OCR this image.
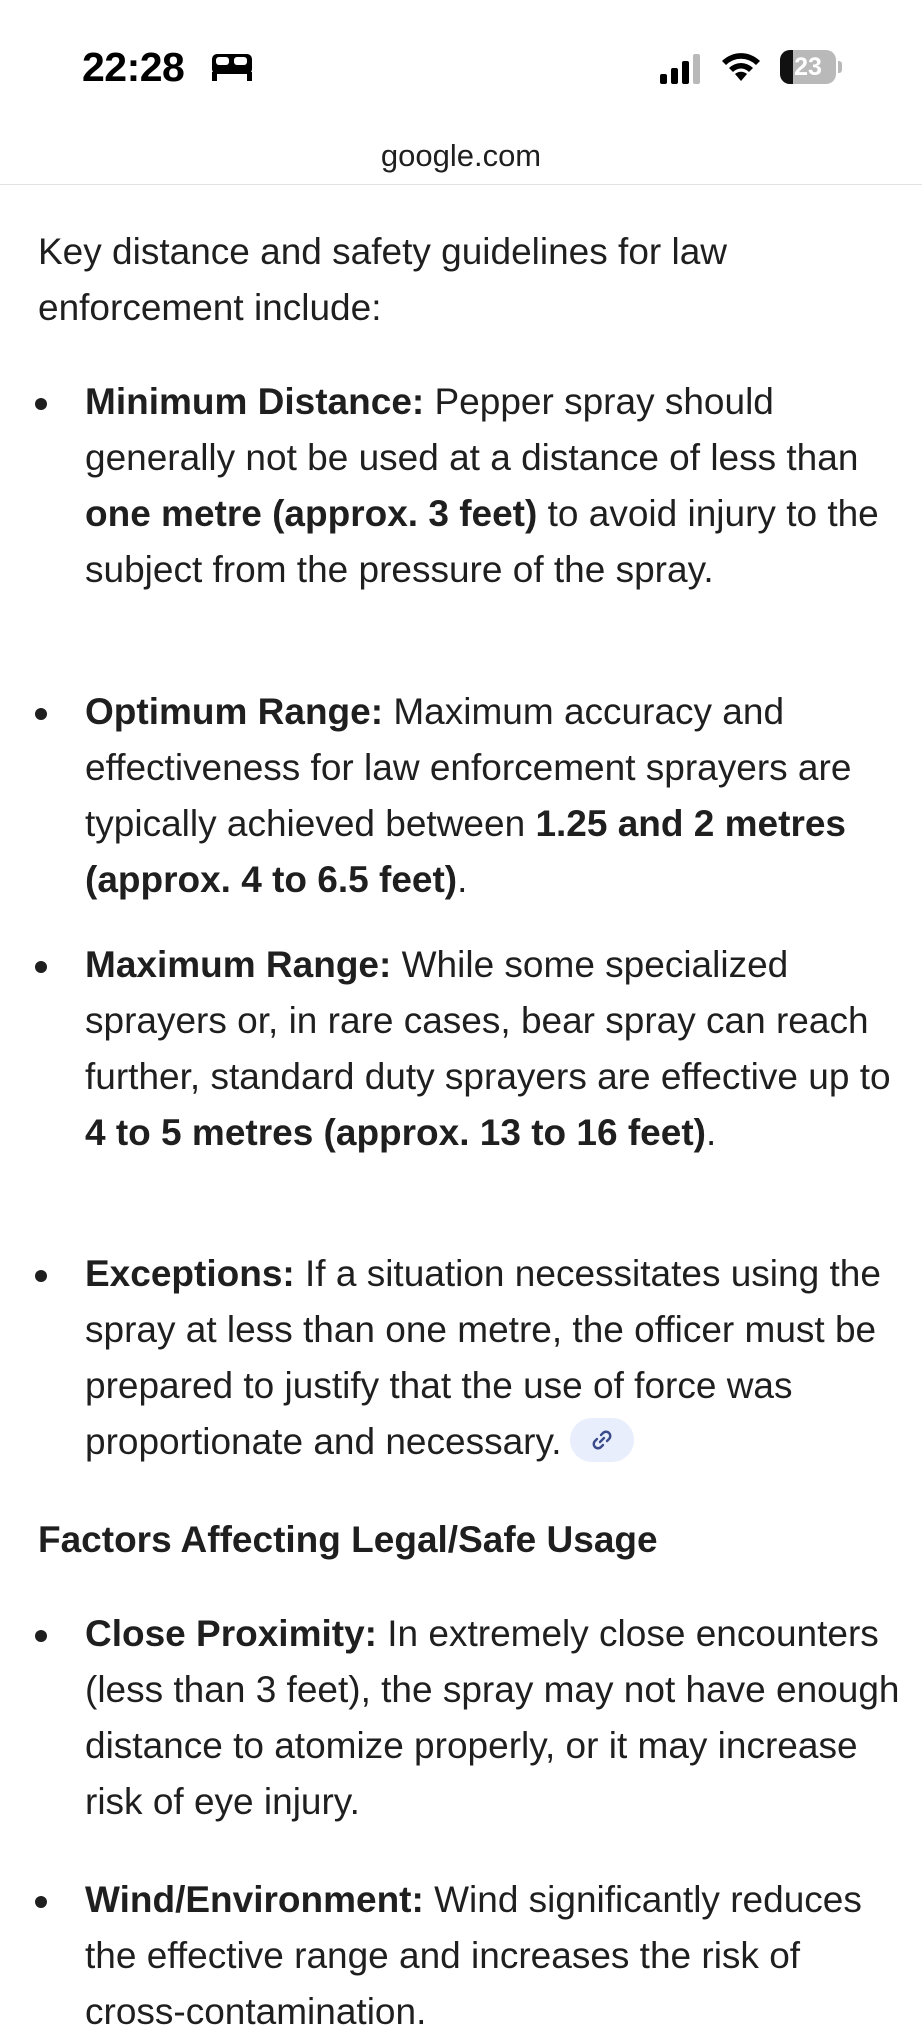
22:28	23
google.com
Key distance and safety guidelines for law enforcement include:
Minimum Distance: Pepper spray should generally not be used at a distance of less than one metre (approx. 3 feet) to avoid injury to the subject from the pressure of the spray.
Optimum Range: Maximum accuracy and effectiveness for law enforcement sprayers are typically achieved between 1.25 and 2 metres (approx. 4 to 6.5 feet).
Maximum Range: While some specialized sprayers or, in rare cases, bear spray can reach further, standard duty sprayers are effective up to 4 to 5 metres (approx. 13 to 16 feet).
Exceptions: If a situation necessitates using the spray at less than one metre, the officer must be prepared to justify that the use of force was proportionate and necessary.
Factors Affecting Legal/Safe Usage
Close Proximity: In extremely close encounters (less than 3 feet), the spray may not have enough distance to atomize properly, or it may increase risk of eye injury.
Wind/Environment: Wind significantly reduces the effective range and increases the risk of cross-contamination.
